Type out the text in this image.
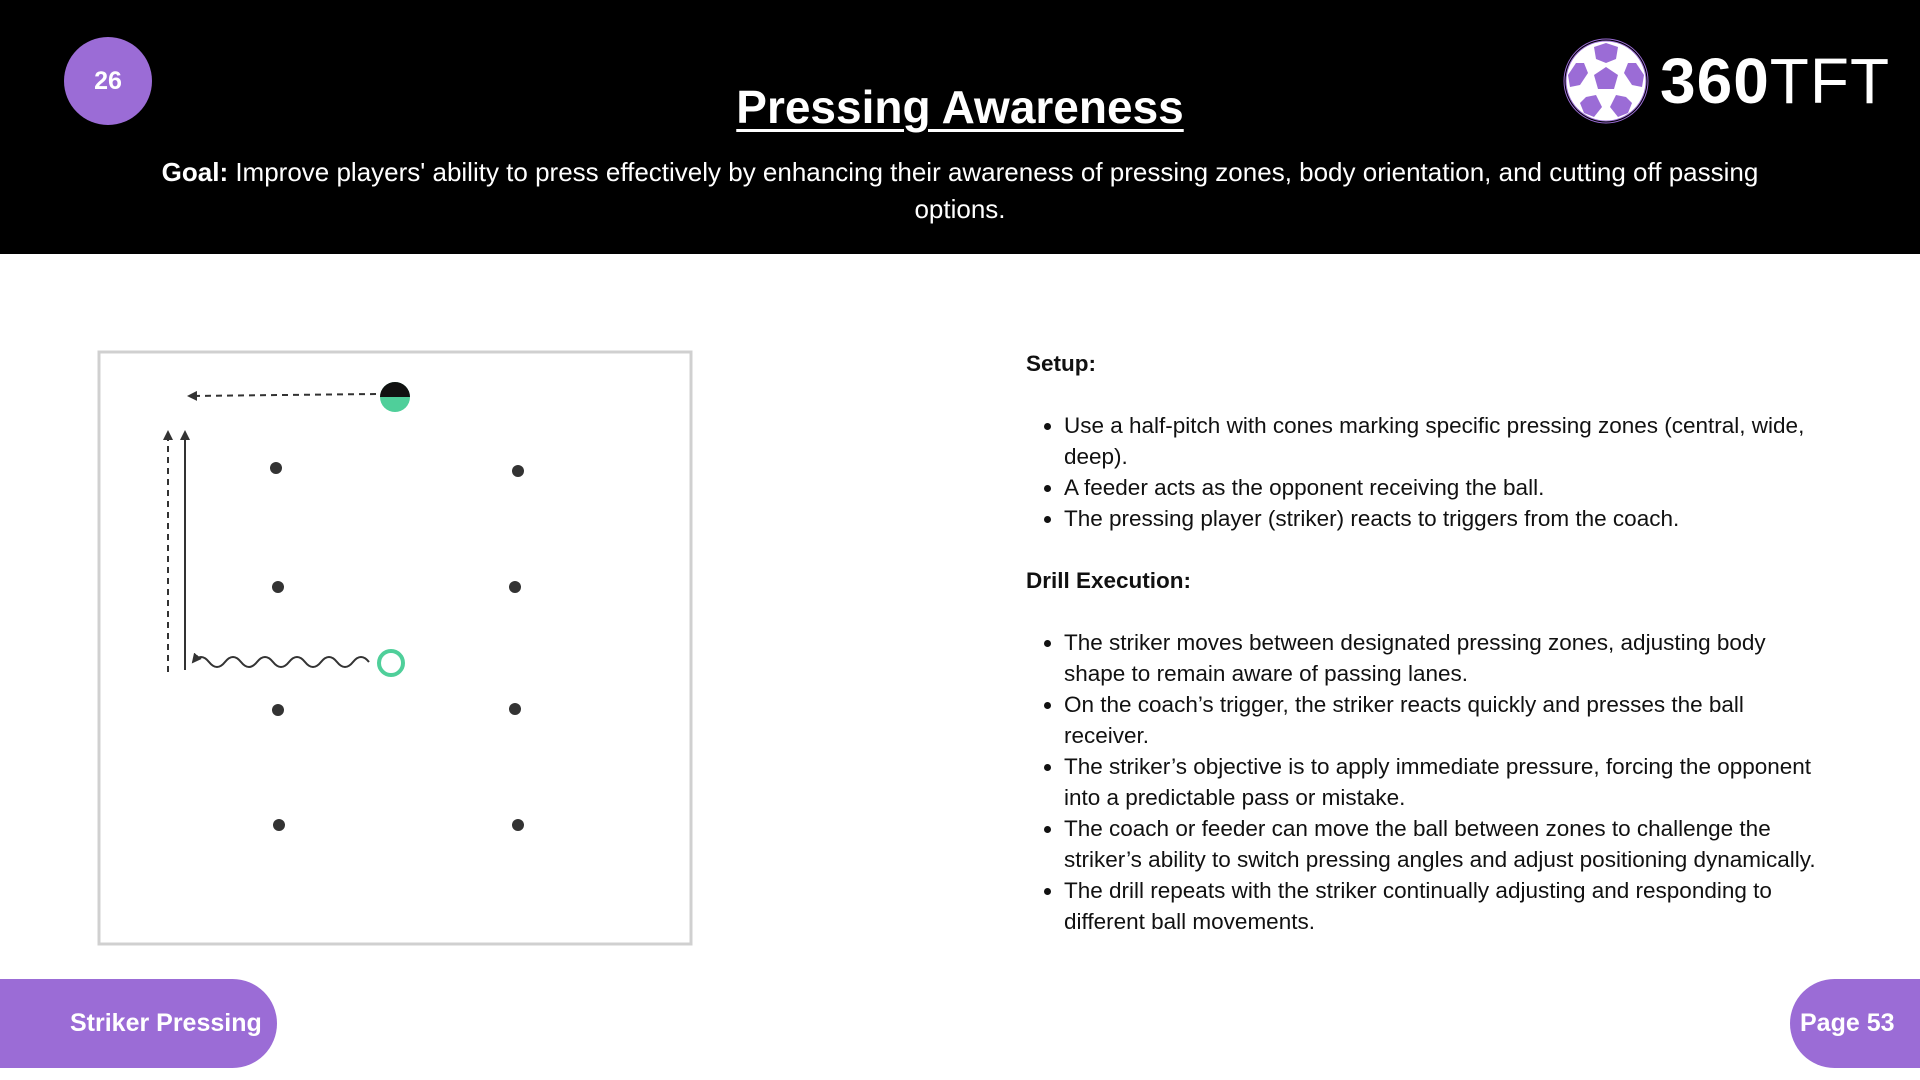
26
Pressing Awareness

Goal: Improve players' ability to press effectively by enhancing their awareness of pressing zones, body orientation, and cutting off passing options.

360TFT

Setup:

• Use a half-pitch with cones marking specific pressing zones (central, wide, deep).
• A feeder acts as the opponent receiving the ball.
• The pressing player (striker) reacts to triggers from the coach.

Drill Execution:

• The striker moves between designated pressing zones, adjusting body shape to remain aware of passing lanes.
• On the coach’s trigger, the striker reacts quickly and presses the ball receiver.
• The striker’s objective is to apply immediate pressure, forcing the opponent into a predictable pass or mistake.
• The coach or feeder can move the ball between zones to challenge the striker’s ability to switch pressing angles and adjust positioning dynamically.
• The drill repeats with the striker continually adjusting and responding to different ball movements.
Striker Pressing	Page 53
